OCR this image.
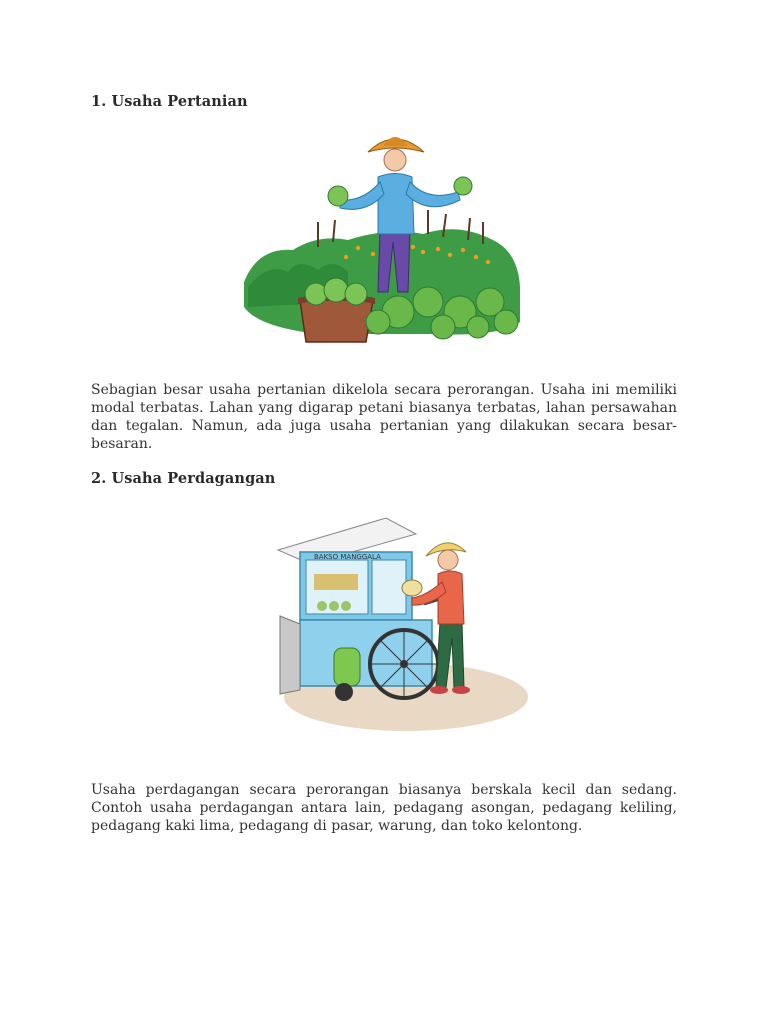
1. Usaha Pertanian

Sebagian besar usaha pertanian dikelola secara perorangan. Usaha ini memiliki modal terbatas. Lahan yang digarap petani biasanya terbatas, lahan persawahan dan tegalan. Namun, ada juga usaha pertanian yang dilakukan secara besar-besaran.

2. Usaha Perdagangan
BAKSO MANGGALA

Usaha perdagangan secara perorangan biasanya berskala kecil dan sedang. Contoh usaha perdagangan antara lain, pedagang asongan, pedagang keliling, pedagang kaki lima, pedagang di pasar, warung, dan toko kelontong.
